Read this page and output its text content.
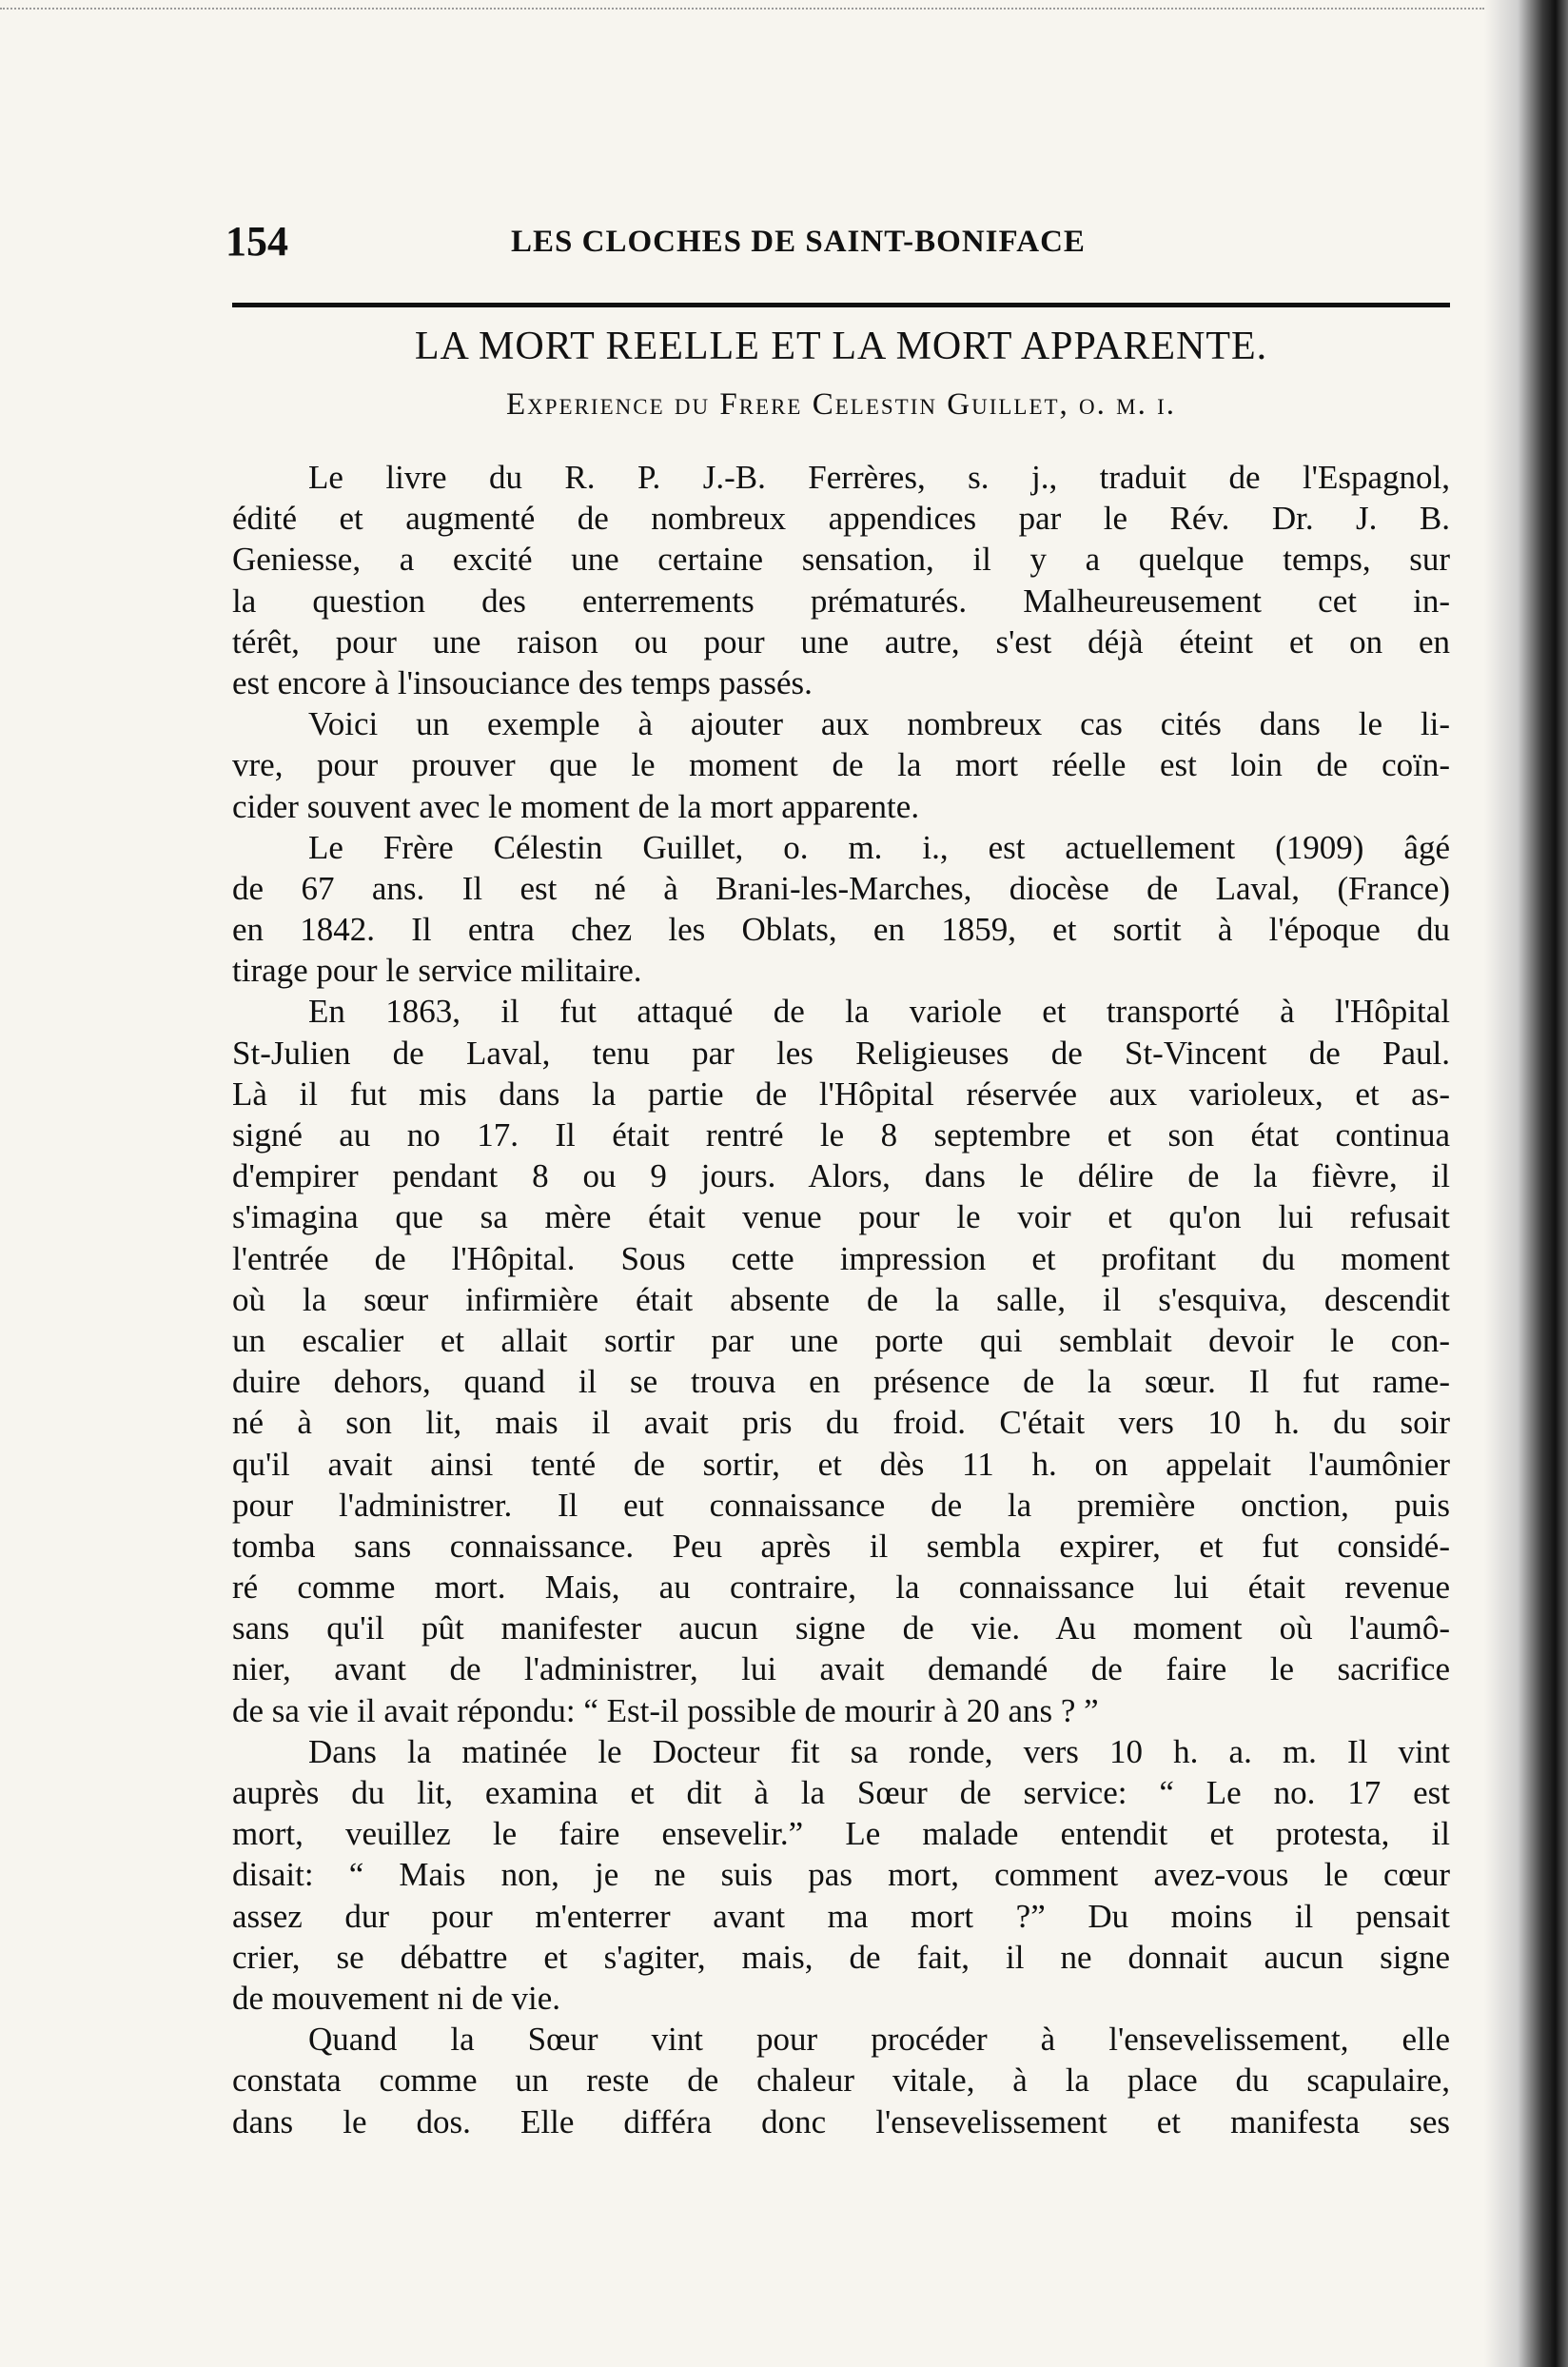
154	LES CLOCHES DE SAINT-BONIFACE
LA MORT REELLE ET LA MORT APPARENTE.
Experience du Frere Celestin Guillet, o. m. i.
Le livre du R. P. J.-B. Ferrères, s. j., traduit de l'Espagnol,
édité et augmenté de nombreux appendices par le Rév. Dr. J. B.
Geniesse, a excité une certaine sensation, il y a quelque temps, sur
la question des enterrements prématurés. Malheureusement cet in-
térêt, pour une raison ou pour une autre, s'est déjà éteint et on en
est encore à l'insouciance des temps passés.
Voici un exemple à ajouter aux nombreux cas cités dans le li-
vre, pour prouver que le moment de la mort réelle est loin de coïn-
cider souvent avec le moment de la mort apparente.
Le Frère Célestin Guillet, o. m. i., est actuellement (1909) âgé
de 67 ans. Il est né à Brani-les-Marches, diocèse de Laval, (France)
en 1842. Il entra chez les Oblats, en 1859, et sortit à l'époque du
tirage pour le service militaire.
En 1863, il fut attaqué de la variole et transporté à l'Hôpital
St-Julien de Laval, tenu par les Religieuses de St-Vincent de Paul.
Là il fut mis dans la partie de l'Hôpital réservée aux varioleux, et as-
signé au no 17. Il était rentré le 8 septembre et son état continua
d'empirer pendant 8 ou 9 jours. Alors, dans le délire de la fièvre, il
s'imagina que sa mère était venue pour le voir et qu'on lui refusait
l'entrée de l'Hôpital. Sous cette impression et profitant du moment
où la sœur infirmière était absente de la salle, il s'esquiva, descendit
un escalier et allait sortir par une porte qui semblait devoir le con-
duire dehors, quand il se trouva en présence de la sœur. Il fut rame-
né à son lit, mais il avait pris du froid. C'était vers 10 h. du soir
qu'il avait ainsi tenté de sortir, et dès 11 h. on appelait l'aumônier
pour l'administrer. Il eut connaissance de la première onction, puis
tomba sans connaissance. Peu après il sembla expirer, et fut considé-
ré comme mort. Mais, au contraire, la connaissance lui était revenue
sans qu'il pût manifester aucun signe de vie. Au moment où l'aumô-
nier, avant de l'administrer, lui avait demandé de faire le sacrifice
de sa vie il avait répondu: “ Est-il possible de mourir à 20 ans ? ”
Dans la matinée le Docteur fit sa ronde, vers 10 h. a. m. Il vint
auprès du lit, examina et dit à la Sœur de service: “ Le no. 17 est
mort, veuillez le faire ensevelir.” Le malade entendit et protesta, il
disait: “ Mais non, je ne suis pas mort, comment avez-vous le cœur
assez dur pour m'enterrer avant ma mort ?” Du moins il pensait
crier, se débattre et s'agiter, mais, de fait, il ne donnait aucun signe
de mouvement ni de vie.
Quand la Sœur vint pour procéder à l'ensevelissement, elle
constata comme un reste de chaleur vitale, à la place du scapulaire,
dans le dos. Elle différa donc l'ensevelissement et manifesta ses
